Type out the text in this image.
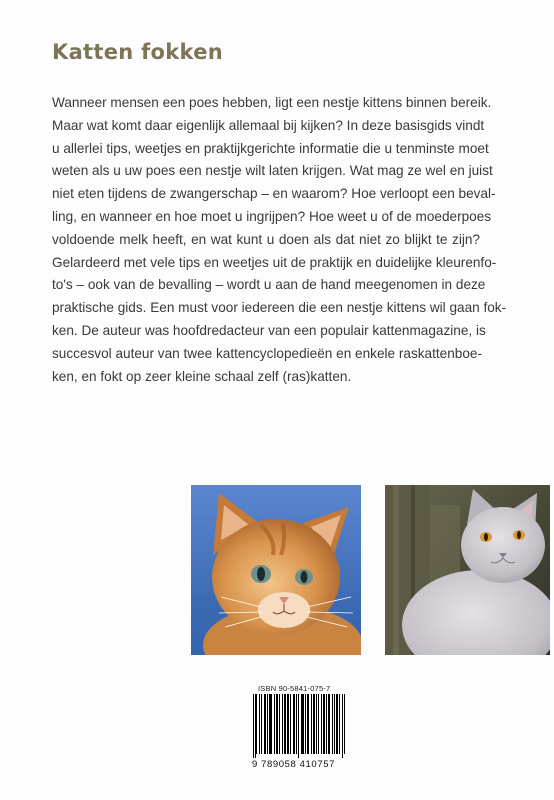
Katten fokken
Wanneer mensen een poes hebben, ligt een nestje kittens binnen bereik.
Maar wat komt daar eigenlijk allemaal bij kijken? In deze basisgids vindt
u allerlei tips, weetjes en praktijkgerichte informatie die u tenminste moet
weten als u uw poes een nestje wilt laten krijgen. Wat mag ze wel en juist
niet eten tijdens de zwangerschap – en waarom? Hoe verloopt een beval-
ling, en wanneer en hoe moet u ingrijpen? Hoe weet u of de moederpoes
voldoende melk heeft, en wat kunt u doen als dat niet zo blijkt te zijn?
Gelardeerd met vele tips en weetjes uit de praktijk en duidelijke kleurenfo-
to's – ook van de bevalling – wordt u aan de hand meegenomen in deze
praktische gids. Een must voor iedereen die een nestje kittens wil gaan fok-
ken. De auteur was hoofdredacteur van een populair kattenmagazine, is
succesvol auteur van twee kattencyclopedieën en enkele raskattenboe-
ken, en fokt op zeer kleine schaal zelf (ras)katten.
ISBN 90-5841-075-7
9 789058 410757
